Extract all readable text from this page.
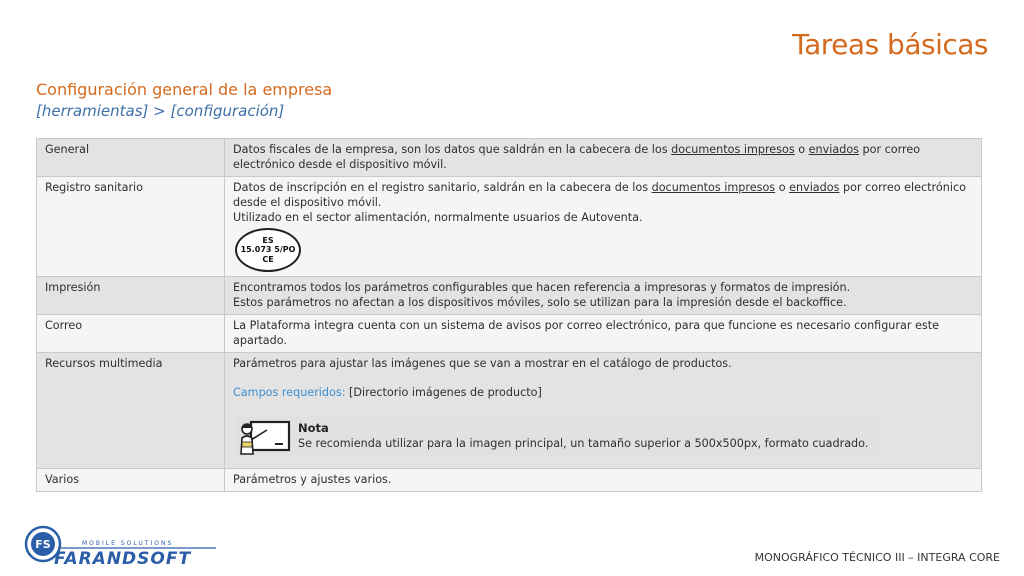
Tareas básicas
Configuración general de la empresa
[herramientas] > [configuración]
General	Datos fiscales de la empresa, son los datos que saldrán en la cabecera de los documentos impresos o enviados por correo electrónico desde el dispositivo móvil.
Registro sanitario	Datos de inscripción en el registro sanitario, saldrán en la cabecera de los documentos impresos o enviados por correo electrónico desde el dispositivo móvil.
Utilizado en el sector alimentación, normalmente usuarios de Autoventa.
ES
15.073 5/PO
CE

Impresión	Encontramos todos los parámetros configurables que hacen referencia a impresoras y formatos de impresión.
Estos parámetros no afectan a los dispositivos móviles, solo se utilizan para la impresión desde el backoffice.

Correo	La Plataforma integra cuenta con un sistema de avisos por correo electrónico, para que funcione es necesario configurar este apartado.
Recursos multimedia	Parámetros para ajustar las imágenes que se van a mostrar en el catálogo de productos.
Campos requeridos: [Directorio imágenes de producto]
Nota
Se recomienda utilizar para la imagen principal, un tamaño superior a 500x500px, formato cuadrado.

Varios	Parámetros y ajustes varios.
FS	MOBILE SOLUTIONS
FARANDSOFT	MONOGRÁFICO TÉCNICO III – INTEGRA CORE
